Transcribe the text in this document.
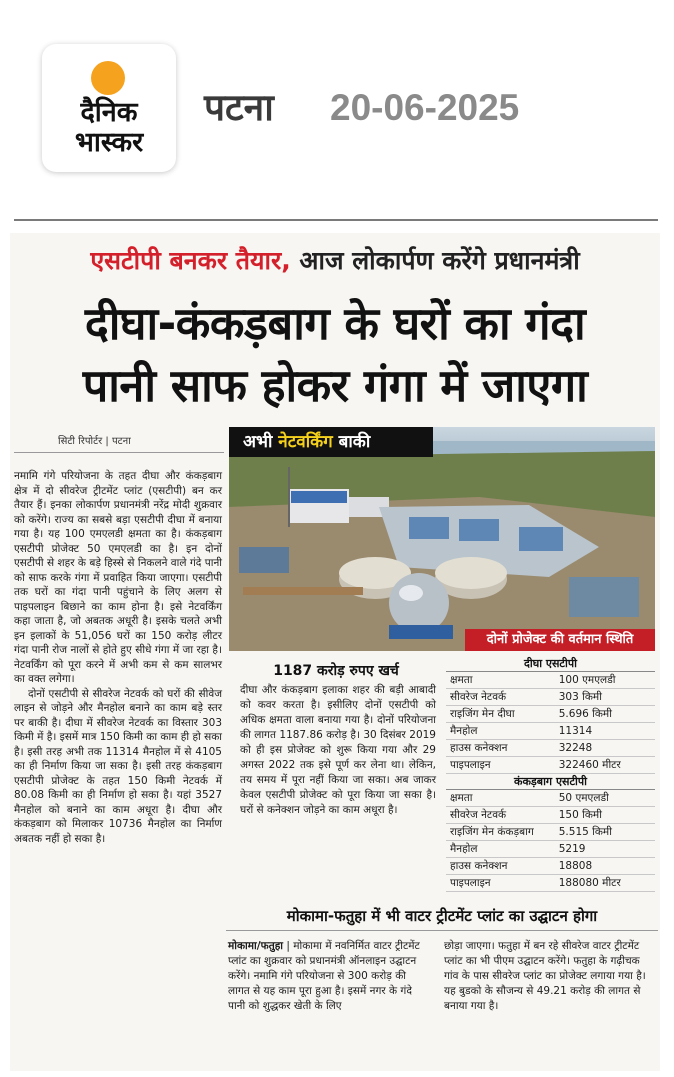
दैनिक
भास्कर
पटना 20-06-2025
एसटीपी बनकर तैयार, आज लोकार्पण करेंगे प्रधानमंत्री
दीघा-कंकड़बाग के घरों का गंदा
पानी साफ होकर गंगा में जाएगा
सिटी रिपोर्टर | पटना

नमामि गंगे परियोजना के तहत दीघा और कंकड़बाग क्षेत्र में दो सीवरेज ट्रीटमेंट प्लांट (एसटीपी) बन कर तैयार हैं। इनका लोकार्पण प्रधानमंत्री नरेंद्र मोदी शुक्रवार को करेंगे। राज्य का सबसे बड़ा एसटीपी दीघा में बनाया गया है। यह 100 एमएलडी क्षमता का है। कंकड़बाग एसटीपी प्रोजेक्ट 50 एमएलडी का है। इन दोनों एसटीपी से शहर के बड़े हिस्से से निकलने वाले गंदे पानी को साफ करके गंगा में प्रवाहित किया जाएगा। एसटीपी तक घरों का गंदा पानी पहुंचाने के लिए अलग से पाइपलाइन बिछाने का काम होना है। इसे नेटवर्किंग कहा जाता है, जो अबतक अधूरी है। इसके चलते अभी इन इलाकों के 51,056 घरों का 150 करोड़ लीटर गंदा पानी रोज नालों से होते हुए सीधे गंगा में जा रहा है। नेटवर्किंग को पूरा करने में अभी कम से कम सालभर का वक्त लगेगा।

दोनों एसटीपी से सीवरेज नेटवर्क को घरों की सीवेज लाइन से जोड़ने और मैनहोल बनाने का काम बड़े स्तर पर बाकी है। दीघा में सीवरेज नेटवर्क का विस्तार 303 किमी में है। इसमें मात्र 150 किमी का काम ही हो सका है। इसी तरह अभी तक 11314 मैनहोल में से 4105 का ही निर्माण किया जा सका है। इसी तरह कंकड़बाग एसटीपी प्रोजेक्ट के तहत 150 किमी नेटवर्क में 80.08 किमी का ही निर्माण हो सका है। यहां 3527 मैनहोल को बनाने का काम अधूरा है। दीघा और कंकड़बाग को मिलाकर 10736 मैनहोल का निर्माण अबतक नहीं हो सका है।

अभी नेटवर्किंग बाकी
दोनों प्रोजेक्ट की वर्तमान स्थिति
1187 करोड़ रुपए खर्च
दीघा और कंकड़बाग इलाका शहर की बड़ी आबादी को कवर करता है। इसीलिए दोनों एसटीपी को अधिक क्षमता वाला बनाया गया है। दोनों परियोजना की लागत 1187.86 करोड़ है। 30 दिसंबर 2019 को ही इस प्रोजेक्ट को शुरू किया गया और 29 अगस्त 2022 तक इसे पूर्ण कर लेना था। लेकिन, तय समय में पूरा नहीं किया जा सका। अब जाकर केवल एसटीपी प्रोजेक्ट को पूरा किया जा सका है। घरों से कनेक्शन जोड़ने का काम अधूरा है।
दीघा एसटीपी
क्षमता	100 एमएलडी
सीवरेज नेटवर्क	303 किमी
राइजिंग मेन दीघा	5.696 किमी
मैनहोल	11314
हाउस कनेक्शन	32248
पाइपलाइन	322460 मीटर
कंकड़बाग एसटीपी
क्षमता	50 एमएलडी
सीवरेज नेटवर्क	150 किमी
राइजिंग मेन कंकड़बाग	5.515 किमी
मैनहोल	5219
हाउस कनेक्शन	18808
पाइपलाइन	188080 मीटर
मोकामा-फतुहा में भी वाटर ट्रीटमेंट प्लांट का उद्घाटन होगा
मोकामा/फतुहा | मोकामा में नवनिर्मित वाटर ट्रीटमेंट प्लांट का शुक्रवार को प्रधानमंत्री ऑनलाइन उद्घाटन करेंगे। नमामि गंगे परियोजना से 300 करोड़ की लागत से यह काम पूरा हुआ है। इसमें नगर के गंदे पानी को शुद्धकर खेती के लिए
छोड़ा जाएगा। फतुहा में बन रहे सीवरेज वाटर ट्रीटमेंट प्लांट का भी पीएम उद्घाटन करेंगे। फतुहा के गढ़ीचक गांव के पास सीवरेज प्लांट का प्रोजेक्ट लगाया गया है। यह बुडको के सौजन्य से 49.21 करोड़ की लागत से बनाया गया है।
